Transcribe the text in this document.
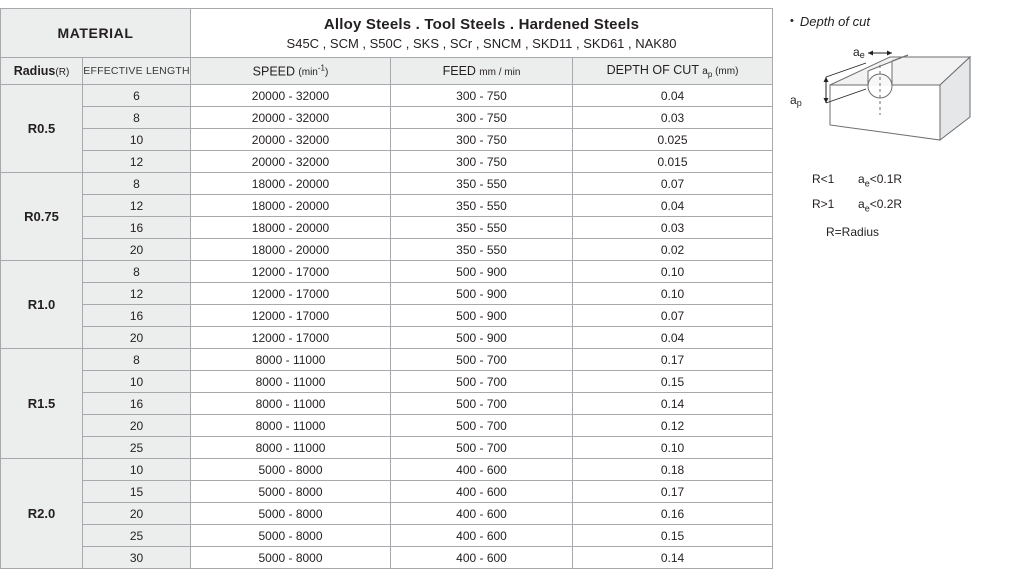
MATERIAL		Alloy Steels . Tool Steels . Hardened Steels
S45C , SCM , S50C , SKS , SCr , SNCM , SKD11 , SKD61 , NAK80		

Radius(R)	EFFECTIVE LENGTH	SPEED $(\min^{-1})$	FEED mm / min	DEPTH OF CUT $a_p$ (mm)
R0.5	6	20000 - 32000	300 - 750	0.04
	8	20000 - 32000	300 - 750	0.03
	10	20000 - 32000	300 - 750	0.025
	12	20000 - 32000	300 - 750	0.015
R0.75	8	18000 - 20000	350 - 550	0.07
	12	18000 - 20000	350 - 550	0.04
	16	18000 - 20000	350 - 550	0.03
	20	18000 - 20000	350 - 550	0.02
R1.0	8	12000 - 17000	500 - 900	0.10
	12	12000 - 17000	500 - 900	0.10
	16	12000 - 17000	500 - 900	0.07
	20	12000 - 17000	500 - 900	0.04
R1.5	8	8000 - 11000	500 - 700	0.17
	10	8000 - 11000	500 - 700	0.15
	16	8000 - 11000	500 - 700	0.14
	20	8000 - 11000	500 - 700	0.12
	25	8000 - 11000	500 - 700	0.10
R2.0	10	5000 - 8000	400 - 600	0.18
	15	5000 - 8000	400 - 600	0.17
	20	5000 - 8000	400 - 600	0.16
	25	5000 - 8000	400 - 600	0.15
	30	5000 - 8000	400 - 600	0.14
• Depth of cut
$a_e$
$a_p$
R<1 $a_e<0.1R$
R>1 $a_e<0.2R$
R=Radius
